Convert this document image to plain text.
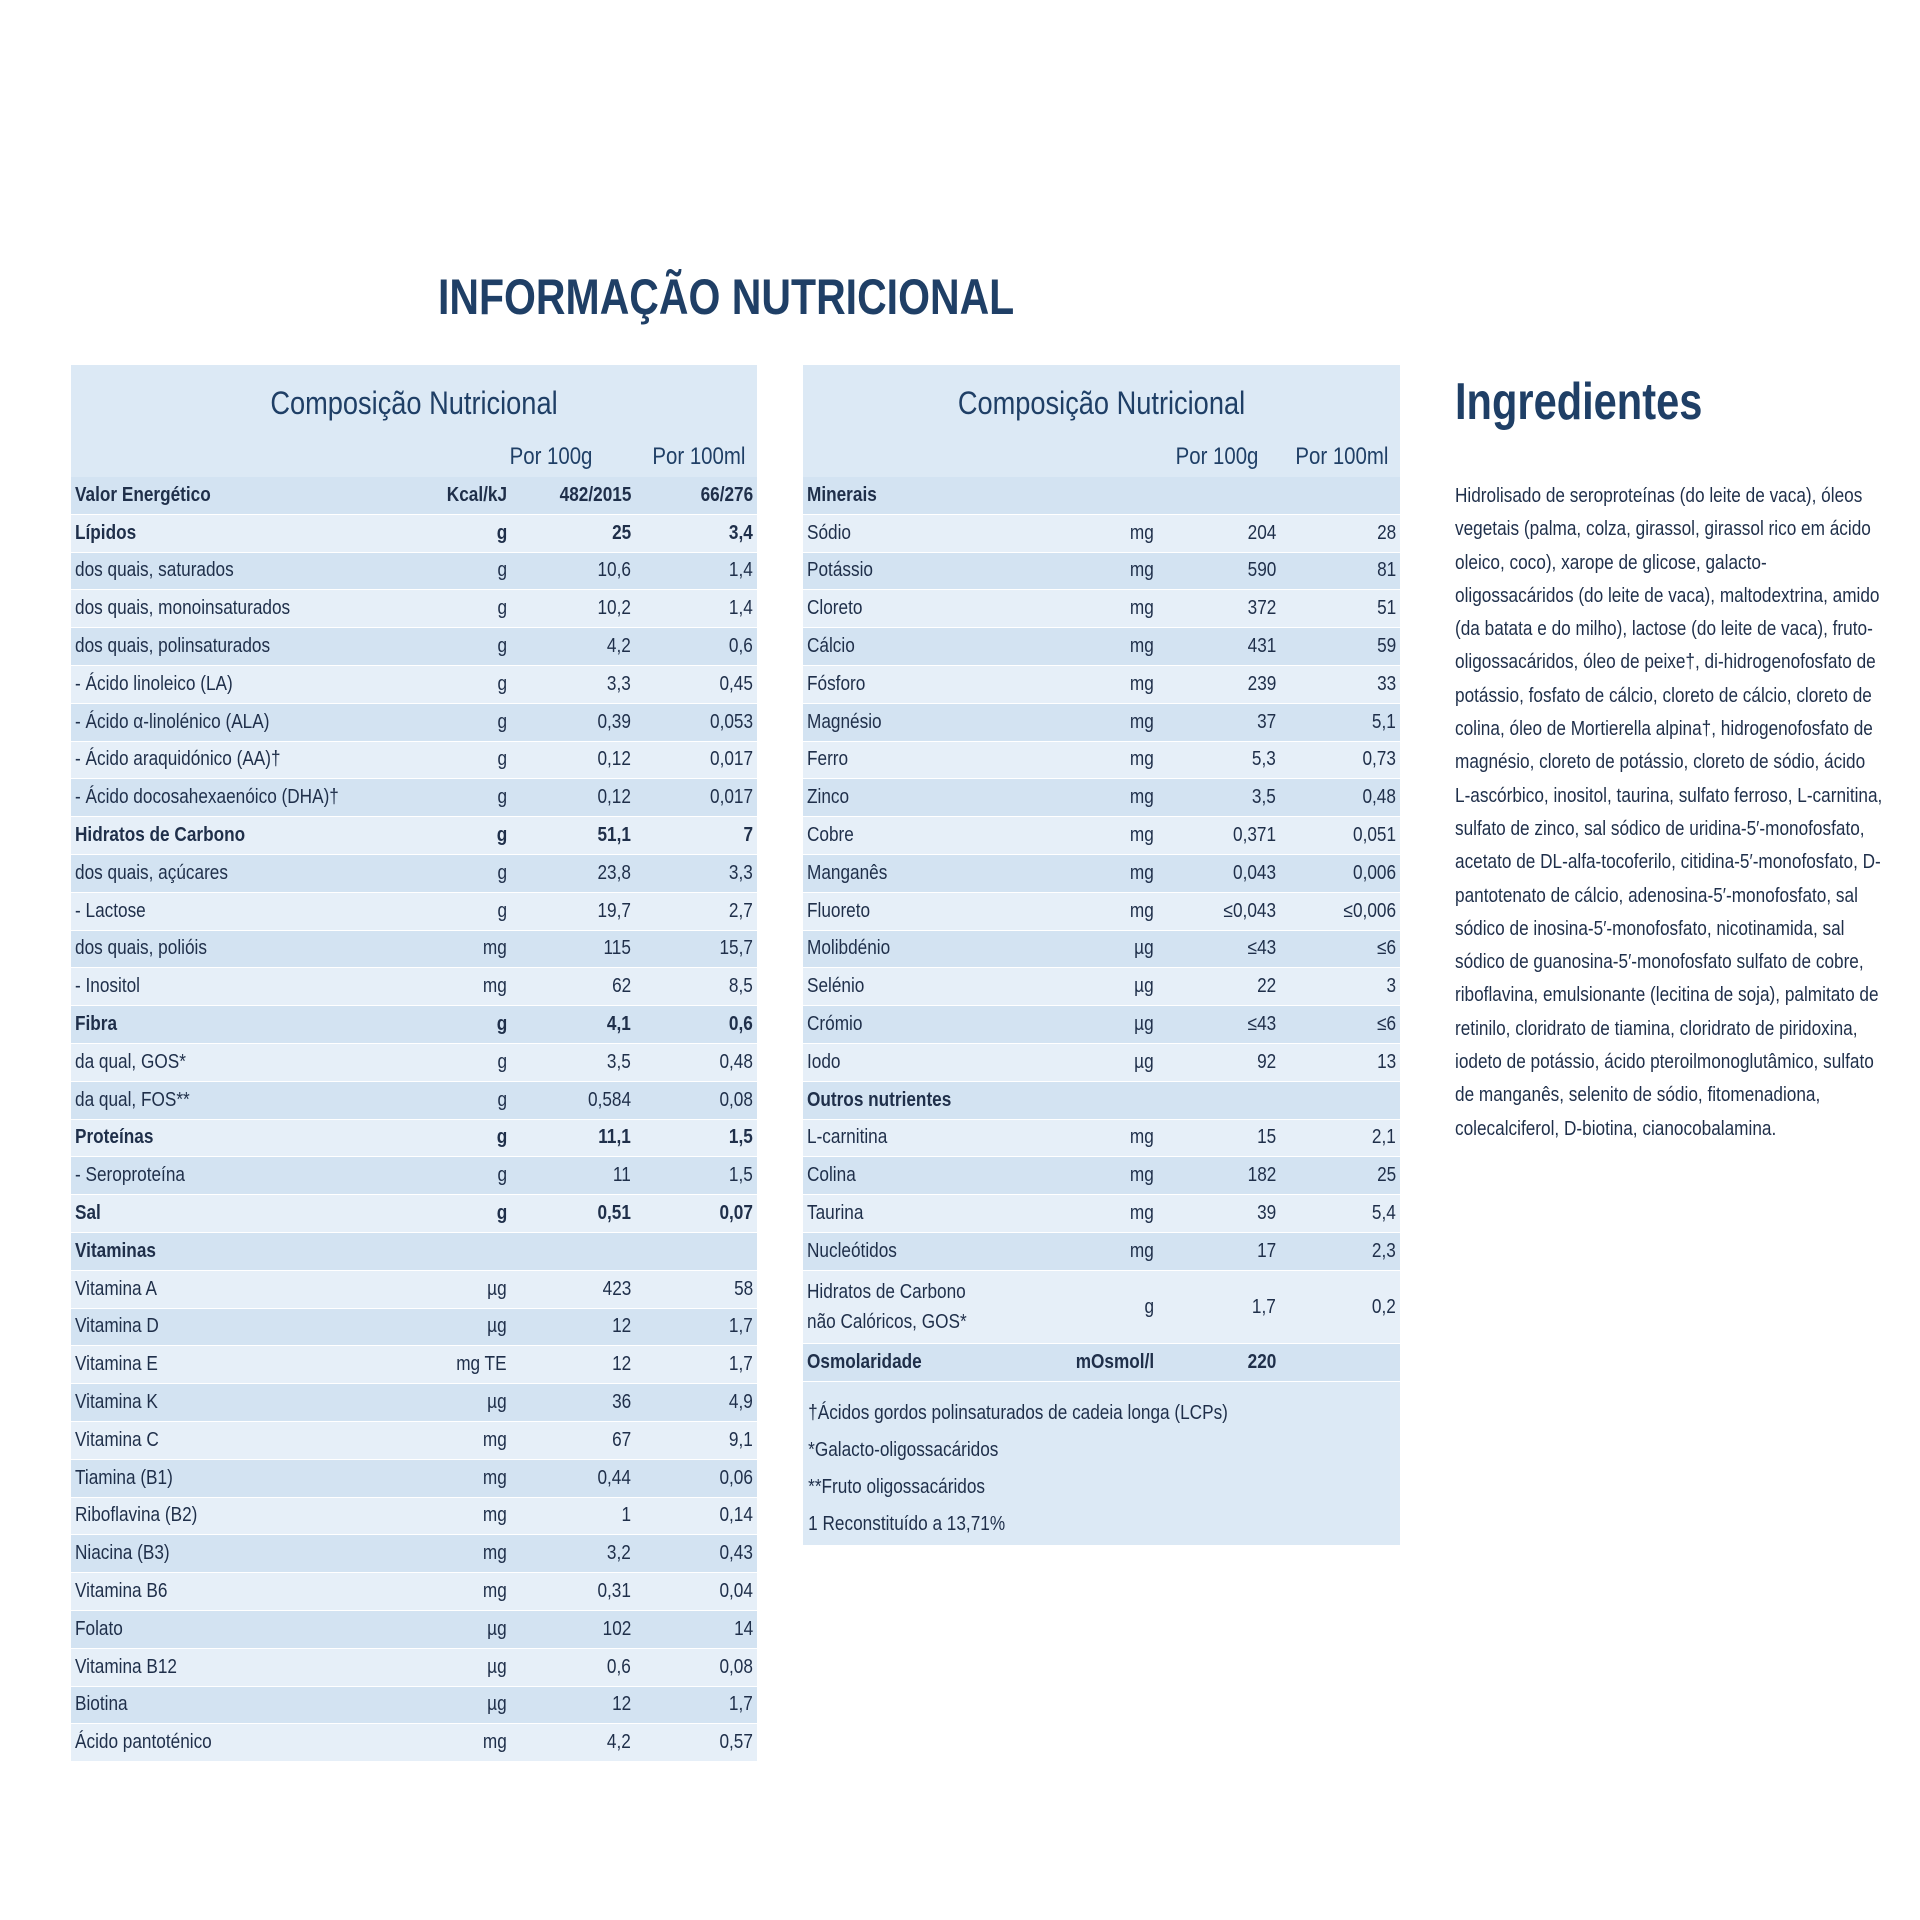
INFORMAÇÃO NUTRICIONAL
Composição Nutricional
Por 100g	Por 100ml
Valor Energético	Kcal/kJ	482/2015	66/276
Lípidos	g	25	3,4
dos quais, saturados	g	10,6	1,4
dos quais, monoinsaturados	g	10,2	1,4
dos quais, polinsaturados	g	4,2	0,6
- Ácido linoleico (LA)	g	3,3	0,45
- Ácido α-linolénico (ALA)	g	0,39	0,053
- Ácido araquidónico (AA)†	g	0,12	0,017
- Ácido docosahexaenóico (DHA)†	g	0,12	0,017
Hidratos de Carbono	g	51,1	7
dos quais, açúcares	g	23,8	3,3
- Lactose	g	19,7	2,7
dos quais, polióis	mg	115	15,7
- Inositol	mg	62	8,5
Fibra	g	4,1	0,6
da qual, GOS*	g	3,5	0,48
da qual, FOS**	g	0,584	0,08
Proteínas	g	11,1	1,5
- Seroproteína	g	11	1,5
Sal	g	0,51	0,07
Vitaminas			
Vitamina A	µg	423	58
Vitamina D	µg	12	1,7
Vitamina E	mg TE	12	1,7
Vitamina K	µg	36	4,9
Vitamina C	mg	67	9,1
Tiamina (B1)	mg	0,44	0,06
Riboflavina (B2)	mg	1	0,14
Niacina (B3)	mg	3,2	0,43
Vitamina B6	mg	0,31	0,04
Folato	µg	102	14
Vitamina B12	µg	0,6	0,08
Biotina	µg	12	1,7
Ácido pantoténico	mg	4,2	0,57
Composição Nutricional
Por 100g Por 100ml
Minerais			
Sódio	mg	204	28
Potássio	mg	590	81
Cloreto	mg	372	51
Cálcio	mg	431	59
Fósforo	mg	239	33
Magnésio	mg	37	5,1
Ferro	mg	5,3	0,73
Zinco	mg	3,5	0,48
Cobre	mg	0,371	0,051
Manganês	mg	0,043	0,006
Fluoreto	mg	≤0,043	≤0,006
Molibdénio	µg	≤43	≤6
Selénio	µg	22	3
Crómio	µg	≤43	≤6
Iodo	µg	92	13
Outros nutrientes			
L-carnitina	mg	15	2,1
Colina	mg	182	25
Taurina	mg	39	5,4
Nucleótidos	mg	17	2,3
Hidratos de Carbono não Calóricos, GOS*	g	1,7	0,2
Osmolaridade	mOsmol/l	220	
†Ácidos gordos polinsaturados de cadeia longa (LCPs)
*Galacto-oligossacáridos
**Fruto oligossacáridos
1 Reconstituído a 13,71%
Ingredientes

Hidrolisado de seroproteínas (do leite de vaca), óleos vegetais (palma, colza, girassol, girassol rico em ácido oleico, coco), xarope de glicose, galacto-oligossacáridos (do leite de vaca), maltodextrina, amido (da batata e do milho), lactose (do leite de vaca), fruto-oligossacáridos, óleo de peixe†, di-hidrogenofosfato de potássio, fosfato de cálcio, cloreto de cálcio, cloreto de colina, óleo de Mortierella alpina†, hidrogenofosfato de magnésio, cloreto de potássio, cloreto de sódio, ácido L-ascórbico, inositol, taurina, sulfato ferroso, L-carnitina, sulfato de zinco, sal sódico de uridina-5′-monofosfato, acetato de DL-alfa-tocoferilo, citidina-5′-monofosfato, D-pantotenato de cálcio, adenosina-5′-monofosfato, sal sódico de inosina-5′-monofosfato, nicotinamida, sal sódico de guanosina-5′-monofosfato sulfato de cobre, riboflavina, emulsionante (lecitina de soja), palmitato de retinilo, cloridrato de tiamina, cloridrato de piridoxina, iodeto de potássio, ácido pteroilmonoglutâmico, sulfato de manganês, selenito de sódio, fitomenadiona, colecalciferol, D-biotina, cianocobalamina.
